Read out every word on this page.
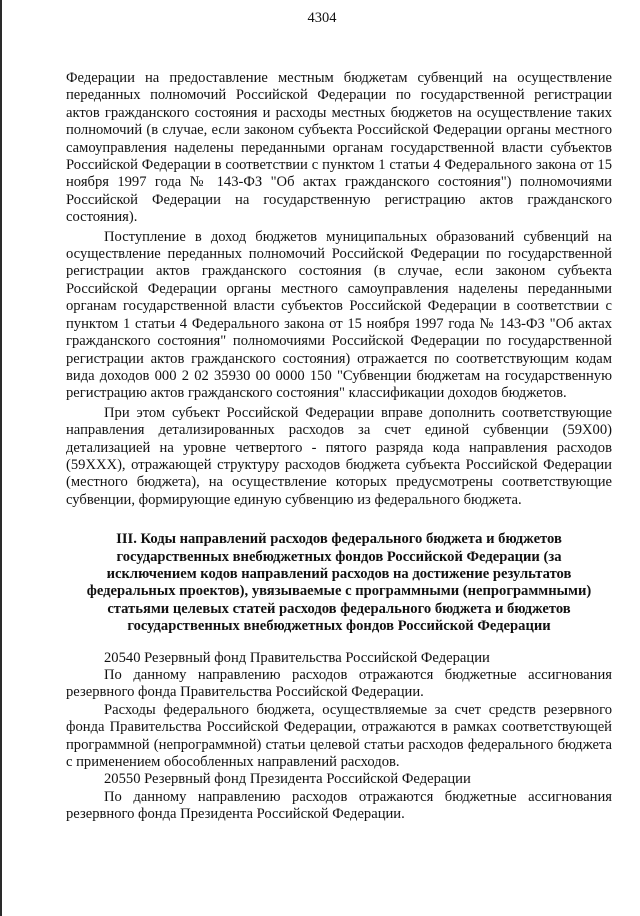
4304

Федерации на предоставление местным бюджетам субвенций на осуществление переданных полномочий Российской Федерации по государственной регистрации актов гражданского состояния и расходы местных бюджетов на осуществление таких полномочий (в случае, если законом субъекта Российской Федерации органы местного самоуправления наделены переданными органам государственной власти субъектов Российской Федерации в соответствии с пунктом 1 статьи 4 Федерального закона от 15 ноября 1997 года № 143-ФЗ "Об актах гражданского состояния") полномочиями Российской Федерации на государственную регистрацию актов гражданского состояния).

Поступление в доход бюджетов муниципальных образований субвенций на осуществление переданных полномочий Российской Федерации по государственной регистрации актов гражданского состояния (в случае, если законом субъекта Российской Федерации органы местного самоуправления наделены переданными органам государственной власти субъектов Российской Федерации в соответствии с пунктом 1 статьи 4 Федерального закона от 15 ноября 1997 года № 143-ФЗ "Об актах гражданского состояния" полномочиями Российской Федерации по государственной регистрации актов гражданского состояния) отражается по соответствующим кодам вида доходов 000 2 02 35930 00 0000 150 "Субвенции бюджетам на государственную регистрацию актов гражданского состояния" классификации доходов бюджетов.

При этом субъект Российской Федерации вправе дополнить соответствующие направления детализированных расходов за счет единой субвенции (59Х00) детализацией на уровне четвертого - пятого разряда кода направления расходов (59ХХХ), отражающей структуру расходов бюджета субъекта Российской Федерации (местного бюджета), на осуществление которых предусмотрены соответствующие субвенции, формирующие единую субвенцию из федерального бюджета.

III. Коды направлений расходов федерального бюджета и бюджетов государственных внебюджетных фондов Российской Федерации (за исключением кодов направлений расходов на достижение результатов федеральных проектов), увязываемые с программными (непрограммными) статьями целевых статей расходов федерального бюджета и бюджетов государственных внебюджетных фондов Российской Федерации

20540 Резервный фонд Правительства Российской Федерации

По данному направлению расходов отражаются бюджетные ассигнования резервного фонда Правительства Российской Федерации.

Расходы федерального бюджета, осуществляемые за счет средств резервного фонда Правительства Российской Федерации, отражаются в рамках соответствующей программной (непрограммной) статьи целевой статьи расходов федерального бюджета с применением обособленных направлений расходов.

20550 Резервный фонд Президента Российской Федерации

По данному направлению расходов отражаются бюджетные ассигнования резервного фонда Президента Российской Федерации.
